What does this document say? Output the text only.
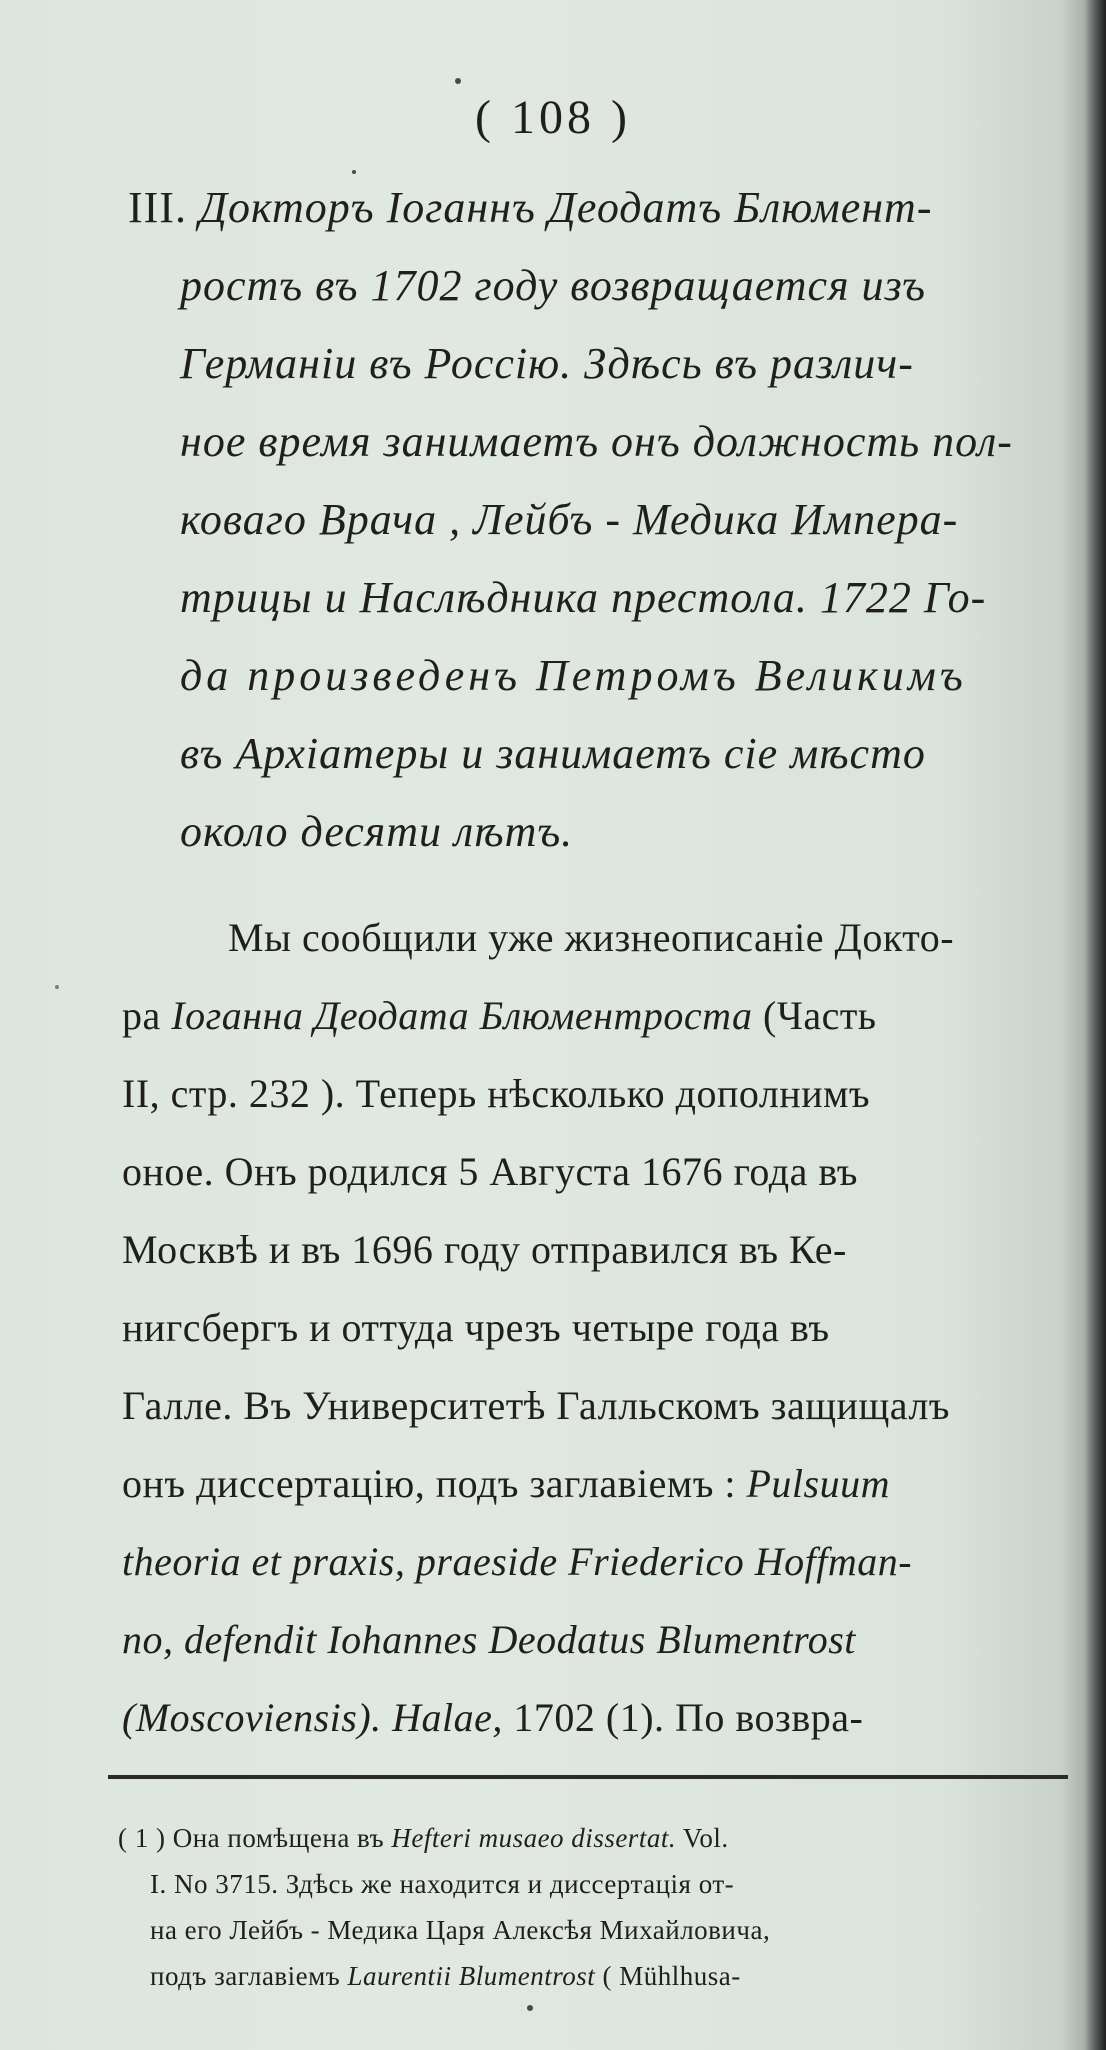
( 108 )
III. Докторъ Іоганнъ Деодатъ Блюмент-
ростъ въ 1702 году возвращается изъ
Германіи въ Россію. Здѣсь въ различ-
ное время занимаетъ онъ должность пол-
коваго Врача , Лейбъ - Медика Импера-
трицы и Наслѣдника престола. 1722 Го-
да произведенъ Петромъ Великимъ
въ Архіатеры и занимаетъ сіе мѣсто
около десяти лѣтъ.
Мы сообщили уже жизнеописаніе Докто-
ра Іоганна Деодата Блюментроста (Часть
II, стр. 232 ). Теперь нѣсколько дополнимъ
оное. Онъ родился 5 Августа 1676 года въ
Москвѣ и въ 1696 году отправился въ Ке-
нигсбергъ и оттуда чрезъ четыре года въ
Галле. Въ Университетѣ Галльскомъ защищалъ
онъ диссертацію, подъ заглавіемъ : Pulsuum
theoria et praxis, praeside Friederico Hoffman-
no, defendit Iohannes Deodatus Blumentrost
(Moscoviensis). Halae, 1702 (1). По возвра-
( 1 ) Она помѣщена въ Hefteri musaeo dissertat. Vol.
I. No 3715. Здѣсь же находится и диссертація от-
на его Лейбъ - Медика Царя Алексѣя Михайловича,
подъ заглавіемъ Laurentii Blumentrost ( Mühlhusa-
